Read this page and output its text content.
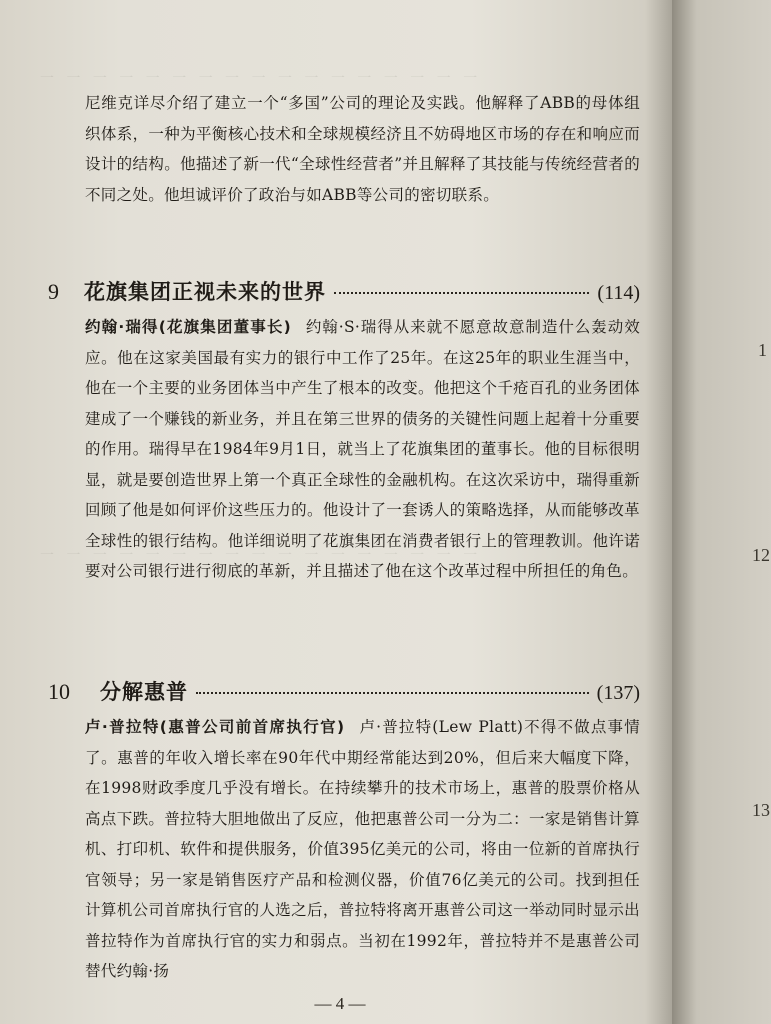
一 一 一 一 一 一 一 一 一 一 一 一 一 一 一 一 一
一 一 一 一 一 一 一 一 一 一 一 一 一 一 一 一 一

尼维克详尽介绍了建立一个“多国”公司的理论及实践。他解释了ABB的母体组织体系，一种为平衡核心技术和全球规模经济且不妨碍地区市场的存在和响应而设计的结构。他描述了新一代“全球性经营者”并且解释了其技能与传统经营者的不同之处。他坦诚评价了政治与如ABB等公司的密切联系。

9	花旗集团正视未来的世界	(114)

约翰·瑞得(花旗集团董事长) 约翰·S·瑞得从来就不愿意故意制造什么轰动效应。他在这家美国最有实力的银行中工作了25年。在这25年的职业生涯当中，他在一个主要的业务团体当中产生了根本的改变。他把这个千疮百孔的业务团体建成了一个赚钱的新业务，并且在第三世界的债务的关键性问题上起着十分重要的作用。瑞得早在1984年9月1日，就当上了花旗集团的董事长。他的目标很明显，就是要创造世界上第一个真正全球性的金融机构。在这次采访中，瑞得重新回顾了他是如何评价这些压力的。他设计了一套诱人的策略选择，从而能够改革全球性的银行结构。他详细说明了花旗集团在消费者银行上的管理教训。他许诺要对公司银行进行彻底的革新，并且描述了他在这个改革过程中所担任的角色。

10	分解惠普	(137)

卢·普拉特(惠普公司前首席执行官) 卢·普拉特(Lew Platt)不得不做点事情了。惠普的年收入增长率在90年代中期经常能达到20%，但后来大幅度下降，在1998财政季度几乎没有增长。在持续攀升的技术市场上，惠普的股票价格从高点下跌。普拉特大胆地做出了反应，他把惠普公司一分为二：一家是销售计算机、打印机、软件和提供服务，价值395亿美元的公司，将由一位新的首席执行官领导；另一家是销售医疗产品和检测仪器，价值76亿美元的公司。找到担任计算机公司首席执行官的人选之后，普拉特将离开惠普公司这一举动同时显示出普拉特作为首席执行官的实力和弱点。当初在1992年，普拉特并不是惠普公司替代约翰·扬

— 4 —
1
12
13
